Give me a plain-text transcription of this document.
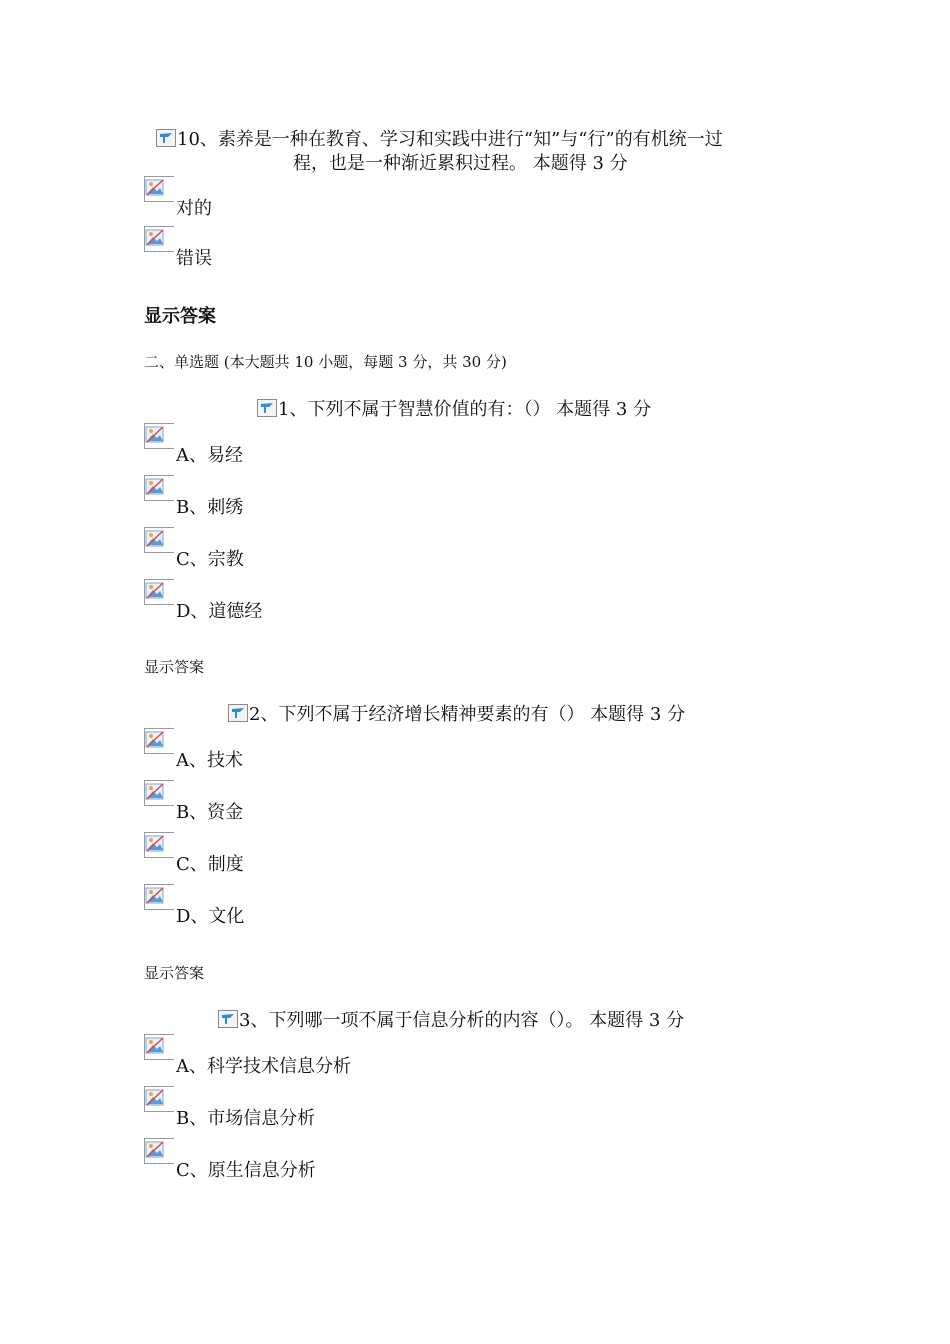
10、素养是一种在教育、学习和实践中进行“知”与“行”的有机统一过
程，也是一种渐近累积过程。 本题得 3 分
对的
错误
显示答案
二、单选题 (本大题共 10 小题，每题 3 分，共 30 分)
1、下列不属于智慧价值的有：（） 本题得 3 分
A、易经
B、刺绣
C、宗教
D、道德经
显示答案
2、下列不属于经济增长精神要素的有（） 本题得 3 分
A、技术
B、资金
C、制度
D、文化
显示答案
3、下列哪一项不属于信息分析的内容（）。 本题得 3 分
A、科学技术信息分析
B、市场信息分析
C、原生信息分析
